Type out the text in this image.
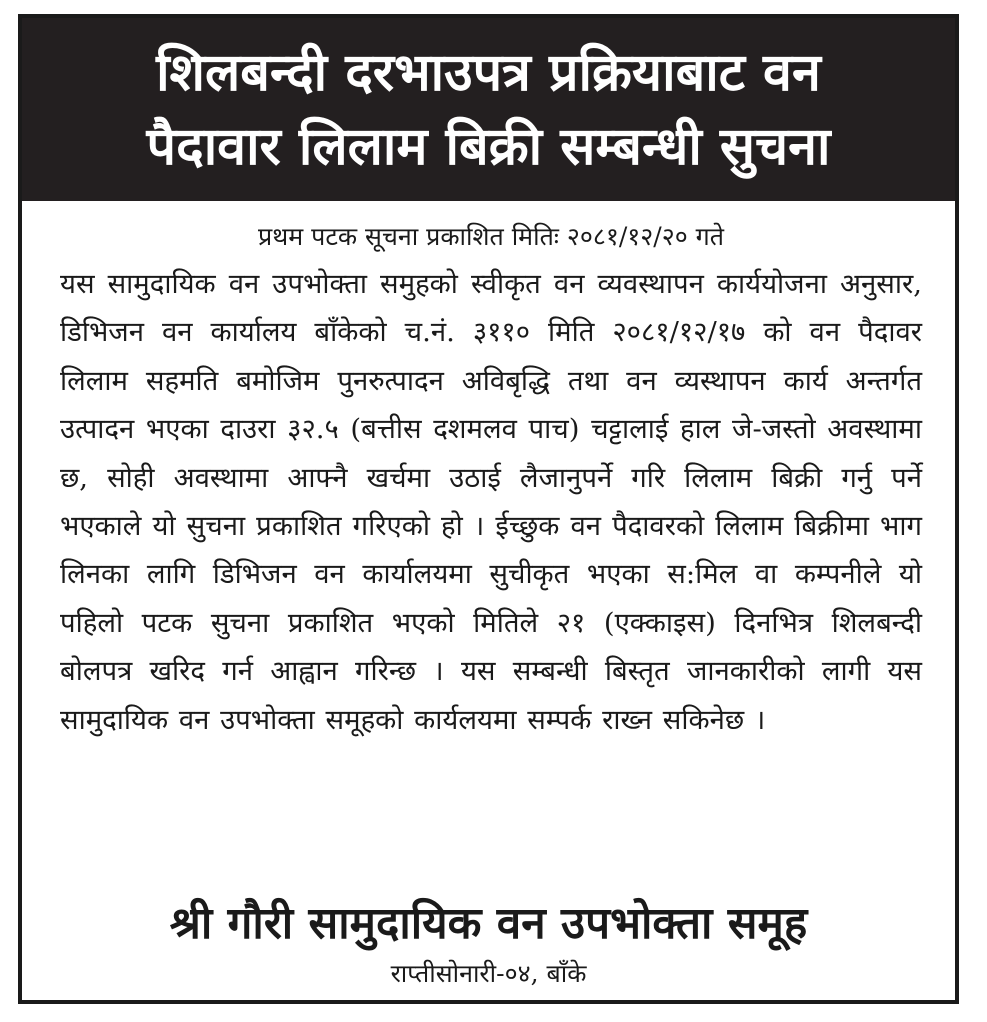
शिलबन्दी दरभाउपत्र प्रक्रियाबाट वन
पैदावार लिलाम बिक्री सम्बन्धी सुचना
प्रथम पटक सूचना प्रकाशित मितिः २०८१/१२/२० गते
यस सामुदायिक वन उपभोक्ता समुहको स्वीकृत वन व्यवस्थापन कार्ययोजना अनुसार, डिभिजन वन कार्यालय बाँकेको च.नं. ३११० मिति २०८१/१२/१७ को वन पैदावर लिलाम सहमति बमोजिम पुनरुत्पादन अविबृद्धि तथा वन व्यस्थापन कार्य अन्तर्गत उत्पादन भएका दाउरा ३२.५ (बत्तीस दशमलव पाच) चट्टालाई हाल जे-जस्तो अवस्थामा छ, सोही अवस्थामा आफ्नै खर्चमा उठाई लैजानुपर्ने गरि लिलाम बिक्री गर्नु पर्ने भएकाले यो सुचना प्रकाशित गरिएको हो । ईच्छुक वन पैदावरको लिलाम बिक्रीमा भाग लिनका लागि डिभिजन वन कार्यालयमा सुचीकृत भएका स:मिल वा कम्पनीले यो पहिलो पटक सुचना प्रकाशित भएको मितिले २१ (एक्काइस) दिनभित्र शिलबन्दी बोलपत्र खरिद गर्न आह्वान गरिन्छ । यस सम्बन्धी बिस्तृत जानकारीको लागी यस सामुदायिक वन उपभोक्ता समूहको कार्यलयमा सम्पर्क राख्न सकिनेछ ।
श्री गौरी सामुदायिक वन उपभोक्ता समूह
राप्तीसोनारी-०४, बाँके
